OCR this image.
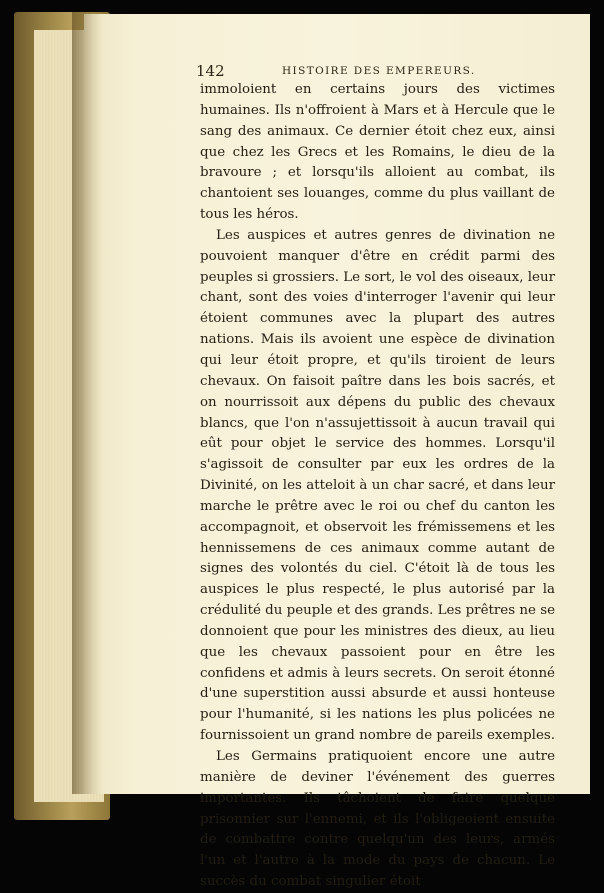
142	HISTOIRE DES EMPEREURS.

immoloient en certains jours des victimes humaines. Ils n'offroient à Mars et à Hercule que le sang des animaux. Ce dernier étoit chez eux, ainsi que chez les Grecs et les Romains, le dieu de la bravoure ; et lorsqu'ils alloient au combat, ils chantoient ses louanges, comme du plus vaillant de tous les héros.

Les auspices et autres genres de divination ne pouvoient manquer d'être en crédit parmi des peuples si grossiers. Le sort, le vol des oiseaux, leur chant, sont des voies d'interroger l'avenir qui leur étoient communes avec la plupart des autres nations. Mais ils avoient une espèce de divination qui leur étoit propre, et qu'ils tiroient de leurs chevaux. On faisoit paître dans les bois sacrés, et on nourrissoit aux dépens du public des chevaux blancs, que l'on n'assujettissoit à aucun travail qui eût pour objet le service des hommes. Lorsqu'il s'agissoit de consulter par eux les ordres de la Divinité, on les atteloit à un char sacré, et dans leur marche le prêtre avec le roi ou chef du canton les accompagnoit, et observoit les frémissemens et les hennissemens de ces animaux comme autant de signes des volontés du ciel. C'étoit là de tous les auspices le plus respecté, le plus autorisé par la crédulité du peuple et des grands. Les prêtres ne se donnoient que pour les ministres des dieux, au lieu que les chevaux passoient pour en être les confidens et admis à leurs secrets. On seroit étonné d'une superstition aussi absurde et aussi honteuse pour l'humanité, si les nations les plus policées ne fournissoient un grand nombre de pareils exemples.

Les Germains pratiquoient encore une autre manière de deviner l'événement des guerres importantes. Ils tâchoient de faire quelque prisonnier sur l'ennemi, et ils l'obligeoient ensuite de combattre contre quelqu'un des leurs, armés l'un et l'autre à la mode du pays de chacun. Le succès du combat singulier étoit
